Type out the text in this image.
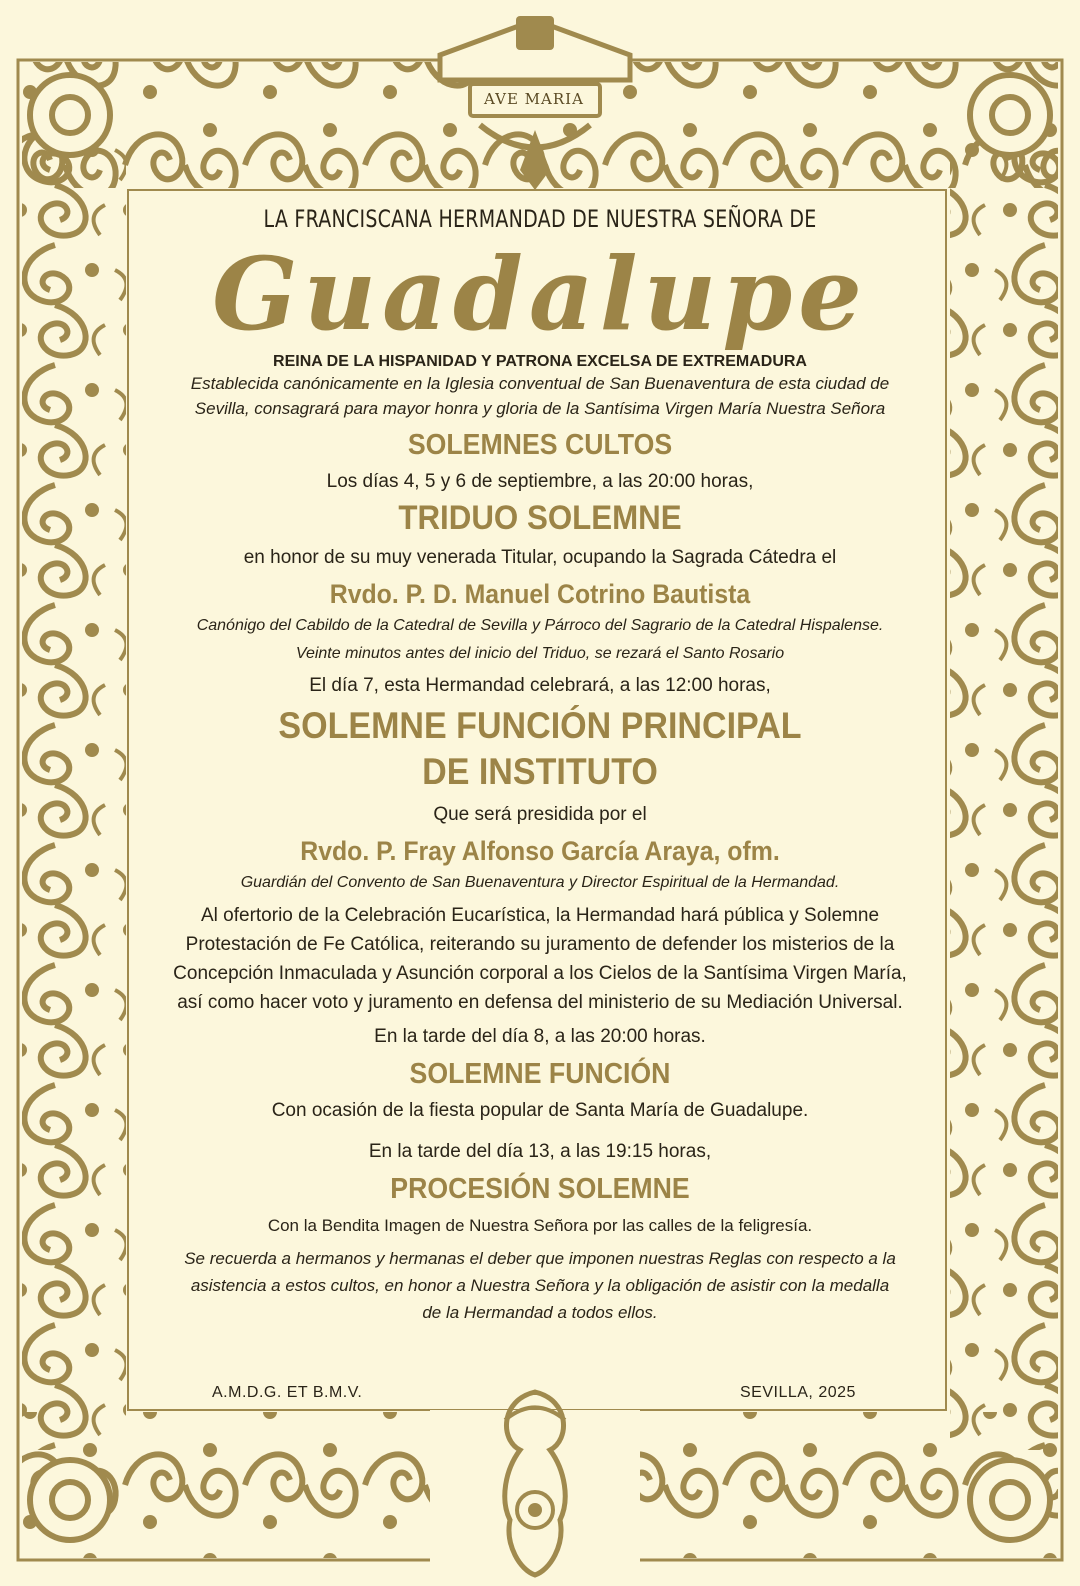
AVE MARIA

LA FRANCISCANA HERMANDAD DE NUESTRA SEÑORA DE

Guadalupe

REINA DE LA HISPANIDAD Y PATRONA EXCELSA DE EXTREMADURA

Establecida canónicamente en la Iglesia conventual de San Buenaventura de esta ciudad de

Sevilla, consagrará para mayor honra y gloria de la Santísima Virgen María Nuestra Señora

SOLEMNES CULTOS

Los días 4, 5 y 6 de septiembre, a las 20:00 horas,

TRIDUO SOLEMNE

en honor de su muy venerada Titular, ocupando la Sagrada Cátedra el

Rvdo. P. D. Manuel Cotrino Bautista

Canónigo del Cabildo de la Catedral de Sevilla y Párroco del Sagrario de la Catedral Hispalense.

Veinte minutos antes del inicio del Triduo, se rezará el Santo Rosario

El día 7, esta Hermandad celebrará, a las 12:00 horas,

SOLEMNE FUNCIÓN PRINCIPAL

DE INSTITUTO

Que será presidida por el

Rvdo. P. Fray Alfonso García Araya, ofm.

Guardián del Convento de San Buenaventura y Director Espiritual de la Hermandad.

Al ofertorio de la Celebración Eucarística, la Hermandad hará pública y Solemne

Protestación de Fe Católica, reiterando su juramento de defender los misterios de la

Concepción Inmaculada y Asunción corporal a los Cielos de la Santísima Virgen María,

así como hacer voto y juramento en defensa del ministerio de su Mediación Universal.

En la tarde del día 8, a las 20:00 horas.

SOLEMNE FUNCIÓN

Con ocasión de la fiesta popular de Santa María de Guadalupe.

En la tarde del día 13, a las 19:15 horas,

PROCESIÓN SOLEMNE

Con la Bendita Imagen de Nuestra Señora por las calles de la feligresía.

Se recuerda a hermanos y hermanas el deber que imponen nuestras Reglas con respecto a la

asistencia a estos cultos, en honor a Nuestra Señora y la obligación de asistir con la medalla

de la Hermandad a todos ellos.

A.M.D.G. ET B.M.V.	SEVILLA, 2025
